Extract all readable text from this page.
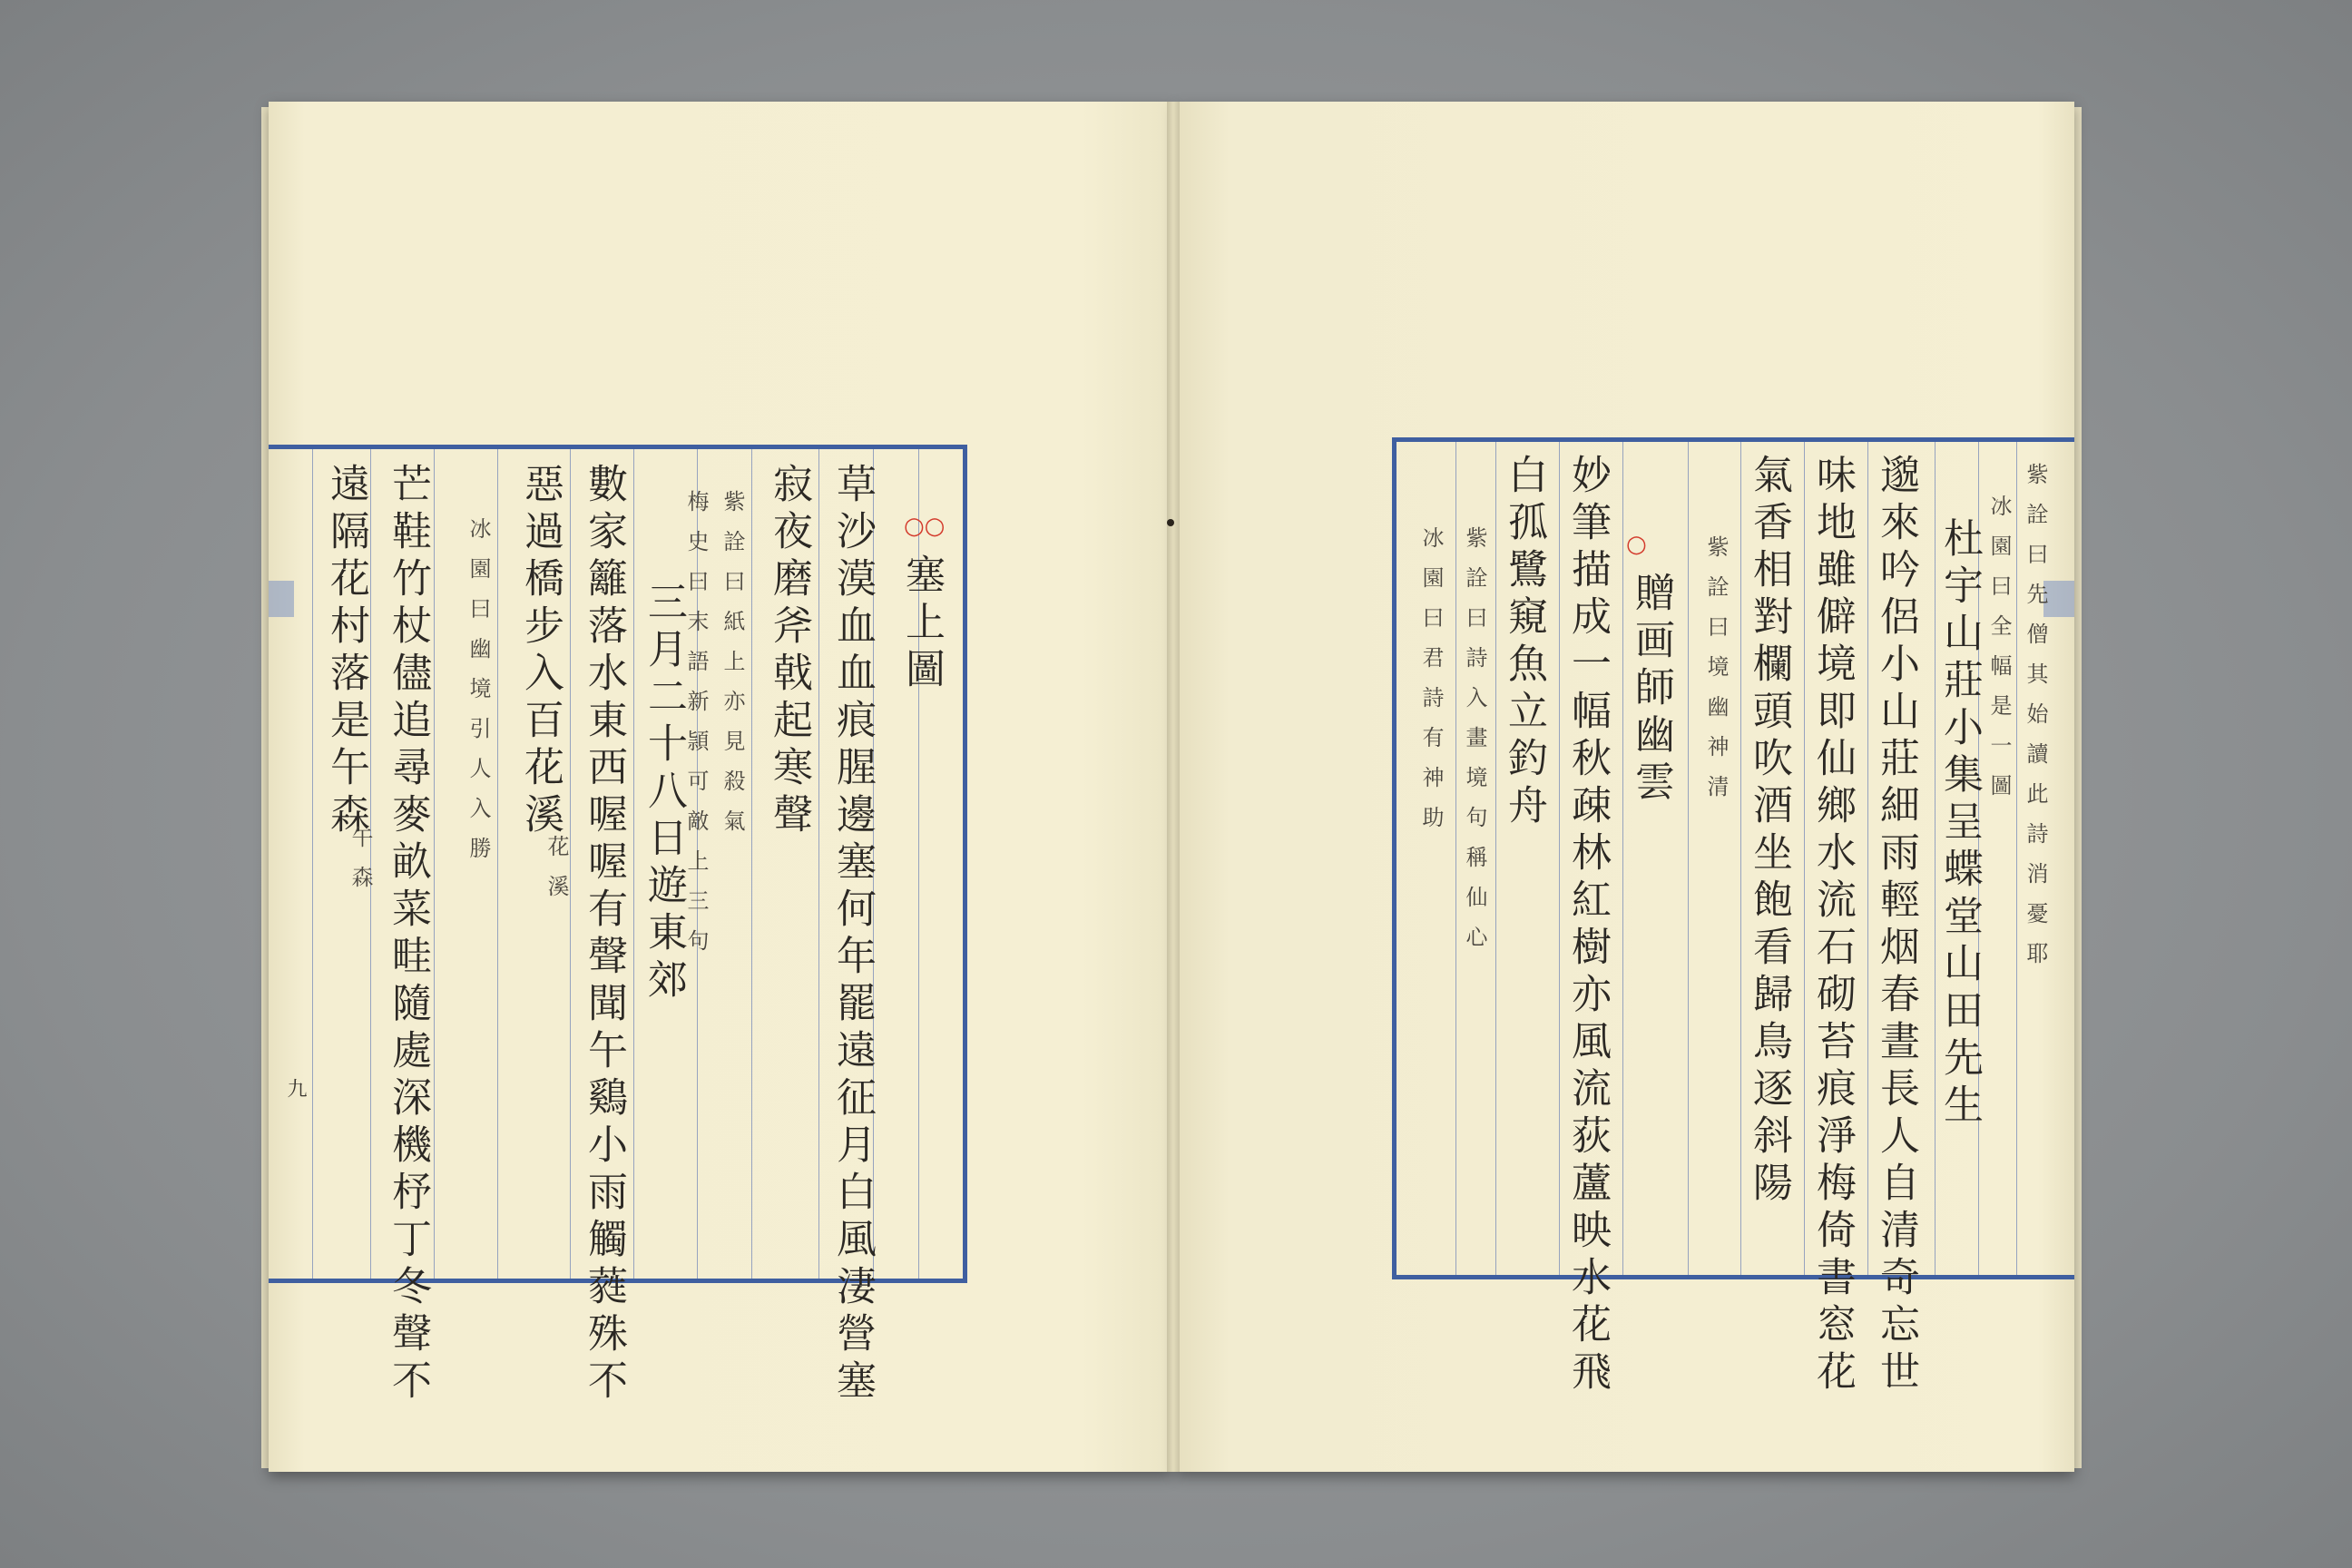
○○
塞上圖
草沙漠血血痕腥邊塞何年罷遠征月白風淒營塞
寂夜磨斧戟起寒聲
紫詮曰紙上亦見殺氣
梅史曰末語新頴可敵上三句
三月二十八日遊東郊
數家籬落水東西喔喔有聲聞午鷄小雨觸蕤殊不
惡過橋步入百花溪
花溪
冰園曰幽境引人入勝
芒鞋竹杖儘追尋麥畝菜畦隨處深機杼丁冬聲不
遠隔花村落是午森
午森
九
紫詮曰先僧其始讀此詩消憂耶
冰園曰全幅是一圖
杜宇山莊小集呈蝶堂山田先生
邈來吟侶小山莊細雨輕烟春晝長人自清奇忘世
味地雖僻境即仙鄉水流石砌苔痕淨梅倚書窓花
氣香相對欄頭吹酒坐飽看歸鳥逐斜陽
紫詮曰境幽神清
○
贈画師幽雲
妙筆描成一幅秋疎林紅樹亦風流荻蘆映水花飛
白孤鷺窺魚立釣舟
紫詮曰詩入畫境句稱仙心
冰園曰君詩有神助
